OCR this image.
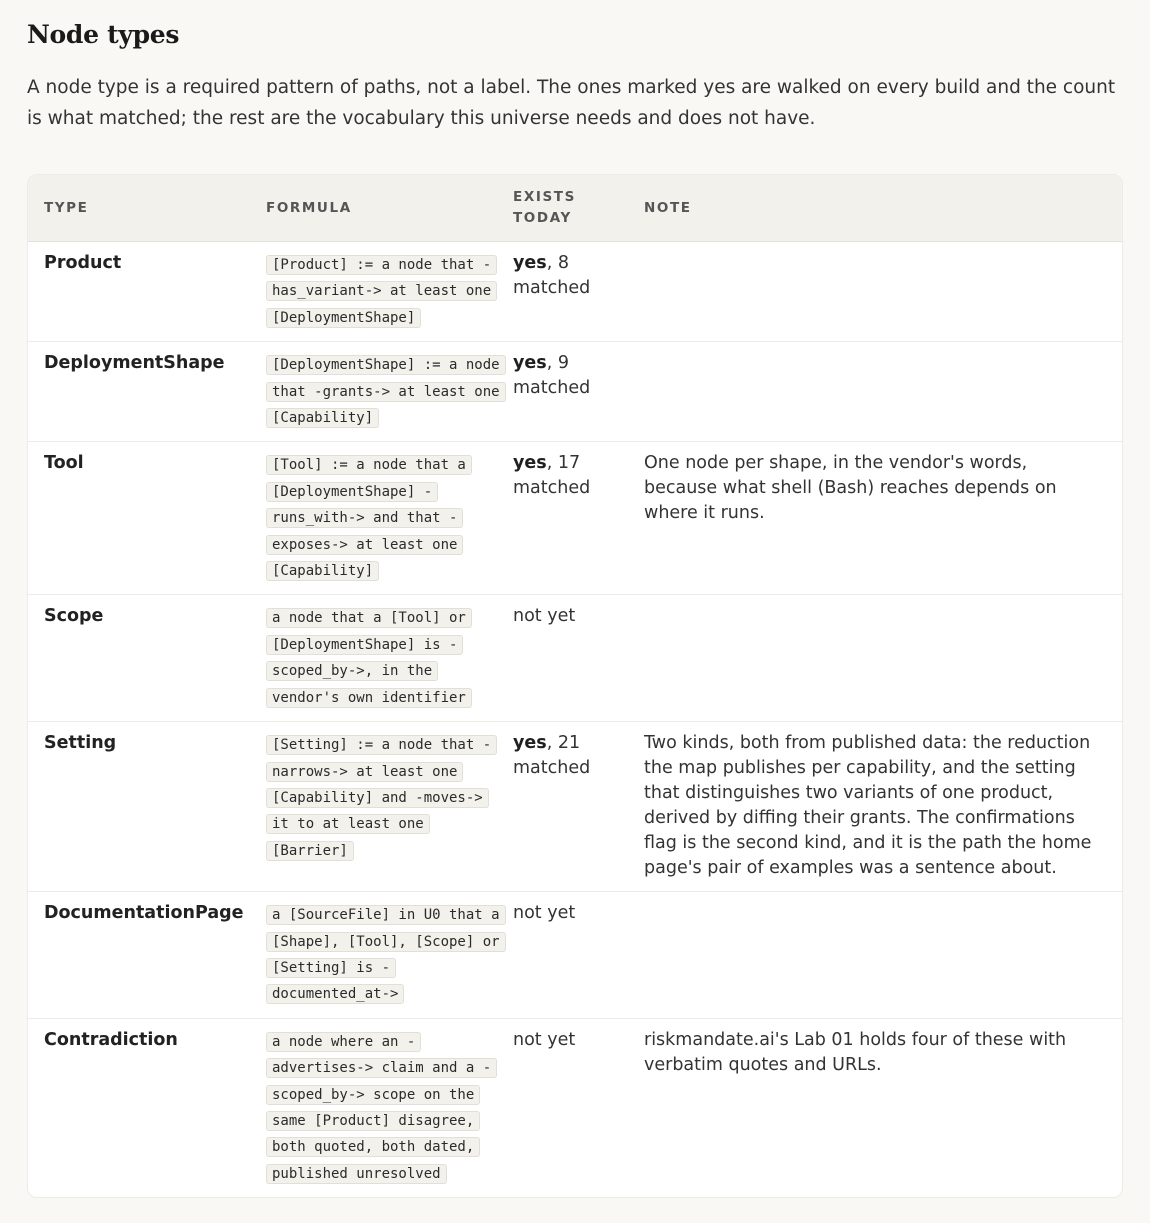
Node types

A node type is a required pattern of paths, not a label. The ones marked yes are walked on every build and the count is what matched; the rest are the vocabulary this universe needs and does not have.

TYPE	FORMULA	EXISTS TODAY	NOTE
Product	[Product] := a node that -has_variant-> at least one [DeploymentShape]	yes, 8 matched	
DeploymentShape	[DeploymentShape] := a node that -grants-> at least one [Capability]	yes, 9 matched	
Tool	[Tool] := a node that a [DeploymentShape] -runs_with-> and that -exposes-> at least one [Capability]	yes, 17 matched	One node per shape, in the vendor's words, because what shell (Bash) reaches depends on where it runs.
Scope	a node that a [Tool] or [DeploymentShape] is -scoped_by->, in the vendor's own identifier	not yet	
Setting	[Setting] := a node that -narrows-> at least one [Capability] and -moves-> it to at least one [Barrier]	yes, 21 matched	Two kinds, both from published data: the reduction the map publishes per capability, and the setting that distinguishes two variants of one product, derived by diffing their grants. The confirmations flag is the second kind, and it is the path the home page's pair of examples was a sentence about.
DocumentationPage	a [SourceFile] in U0 that a [Shape], [Tool], [Scope] or [Setting] is -documented_at->	not yet	
Contradiction	a node where an -advertises-> claim and a -scoped_by-> scope on the same [Product] disagree, both quoted, both dated, published unresolved	not yet	riskmandate.ai's Lab 01 holds four of these with verbatim quotes and URLs.
